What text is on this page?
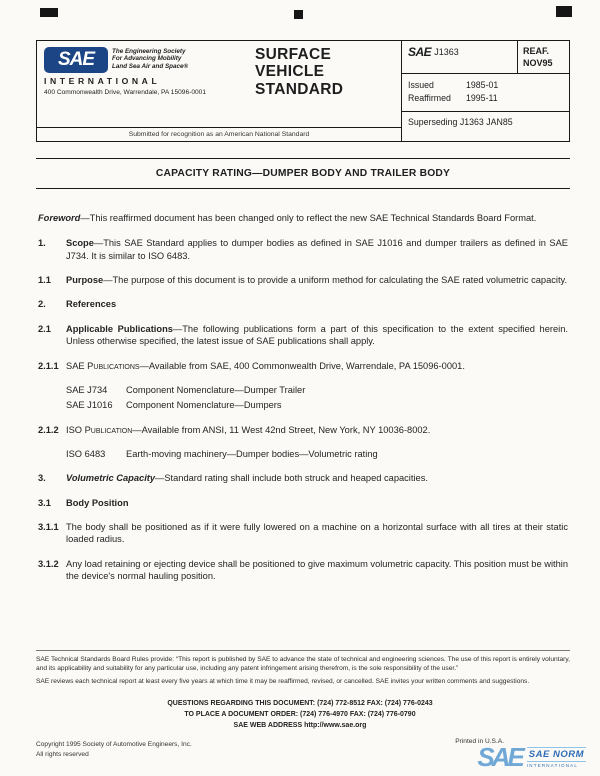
SAE	The Engineering Society
For Advancing Mobility
Land Sea Air and Space®
INTERNATIONAL
400 Commonwealth Drive, Warrendale, PA 15096-0001
SURFACE
VEHICLE
STANDARD
Submitted for recognition as an American National Standard
SAE J1363	REAF.
NOV95
Issued	1985-01
Reaffirmed	1995-11
Superseding J1363 JAN85
CAPACITY RATING—DUMPER BODY AND TRAILER BODY

Foreword—This reaffirmed document has been changed only to reflect the new SAE Technical Standards Board Format.

1.	Scope—This SAE Standard applies to dumper bodies as defined in SAE J1016 and dumper trailers as defined in SAE J734. It is similar to ISO 6483.
1.1	Purpose—The purpose of this document is to provide a uniform method for calculating the SAE rated volumetric capacity.
2.	References
2.1	Applicable Publications—The following publications form a part of this specification to the extent specified herein. Unless otherwise specified, the latest issue of SAE publications shall apply.
2.1.1 SAE Publications—Available from SAE, 400 Commonwealth Drive, Warrendale, PA 15096-0001.
SAE J734	Component Nomenclature—Dumper Trailer
SAE J1016	Component Nomenclature—Dumpers
2.1.2 ISO Publication—Available from ANSI, 11 West 42nd Street, New York, NY 10036-8002.
ISO 6483	Earth-moving machinery—Dumper bodies—Volumetric rating
3.	Volumetric Capacity—Standard rating shall include both struck and heaped capacities.
3.1	Body Position
3.1.1 The body shall be positioned as if it were fully lowered on a machine on a horizontal surface with all tires at their static loaded radius.
3.1.2 Any load retaining or ejecting device shall be positioned to give maximum volumetric capacity. This position must be within the device's normal hauling position.

SAE Technical Standards Board Rules provide: “This report is published by SAE to advance the state of technical and engineering sciences. The use of this report is entirely voluntary, and its applicability and suitability for any particular use, including any patent infringement arising therefrom, is the sole responsibility of the user.”

SAE reviews each technical report at least every five years at which time it may be reaffirmed, revised, or cancelled. SAE invites your written comments and suggestions.

QUESTIONS REGARDING THIS DOCUMENT: (724) 772-8512 FAX: (724) 776-0243
TO PLACE A DOCUMENT ORDER: (724) 776-4970 FAX: (724) 776-0790
SAE WEB ADDRESS http://www.sae.org
Copyright 1995 Society of Automotive Engineers, Inc.
All rights reserved
Printed in U.S.A.
SAE SAE NORM
INTERNATIONAL
